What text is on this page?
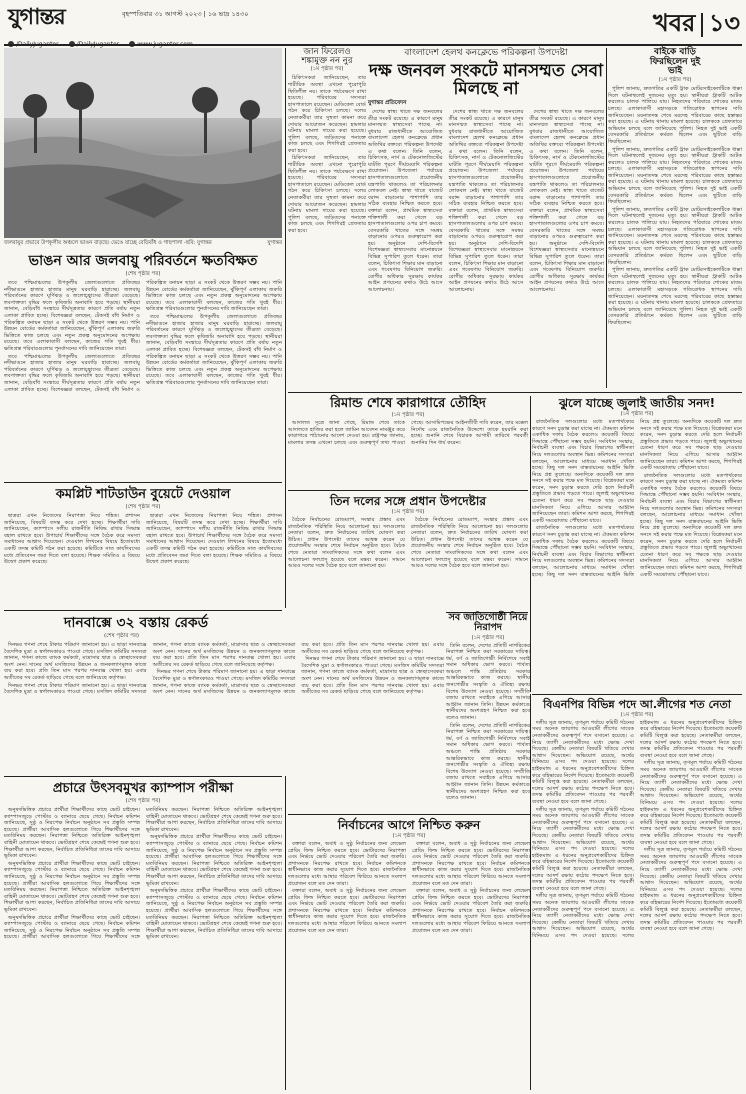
যুগান্তর	বৃহস্পতিবার ৩১ আগস্ট ২০২৩ | ১৬ ভাদ্র ১৪৩০

	খবর ১৩
জলবায়ুর প্রভাবে উপকূলীয় অঞ্চলে ভাঙন বাড়ছে। ভেঙে যাচ্ছে বেড়িবাঁধ ও গাছপালা -ছবি: যুগান্তর	যুগান্তর
ভাঙন আর জলবায়ু পরিবর্তনে ক্ষতবিক্ষত
(শেষ পৃষ্ঠার পর)

তবে পশ্চিমাঞ্চলের উপকূলীয় জেলাগুলোতে প্রতিবছর নদীভাঙনে হাজার হাজার মানুষ ঘরবাড়ি হারাচ্ছে। জলবায়ু পরিবর্তনের কারণে ঘূর্ণিঝড় ও জলোচ্ছ্বাসের তীব্রতা বেড়েছে। লবণাক্ততা বৃদ্ধির ফলে কৃষিজমি অনাবাদি হয়ে পড়ছে। স্থানীয়রা জানান, বেড়িবাঁধ সংস্কারে দীর্ঘসূত্রতার কারণে প্রতি বর্ষায় নতুন এলাকা প্লাবিত হচ্ছে। বিশেষজ্ঞরা বলছেন, টেকসই বাঁধ নির্মাণ ও পরিকল্পিত বনায়ন ছাড়া এ সংকট থেকে উত্তরণ সম্ভব নয়। পানি উন্নয়ন বোর্ডের কর্মকর্তারা জানিয়েছেন, ঝুঁকিপূর্ণ এলাকায় জরুরি ভিত্তিতে কাজ চলছে এবং নতুন প্রকল্প অনুমোদনের অপেক্ষায় রয়েছে। তবে এলাকাবাসী বলছেন, কাজের গতি খুবই ধীর। ক্ষতিগ্রস্ত পরিবারগুলোর পুনর্বাসনের দাবি জানিয়েছেন তারা।

তবে পশ্চিমাঞ্চলের উপকূলীয় জেলাগুলোতে প্রতিবছর নদীভাঙনে হাজার হাজার মানুষ ঘরবাড়ি হারাচ্ছে। জলবায়ু পরিবর্তনের কারণে ঘূর্ণিঝড় ও জলোচ্ছ্বাসের তীব্রতা বেড়েছে। লবণাক্ততা বৃদ্ধির ফলে কৃষিজমি অনাবাদি হয়ে পড়ছে। স্থানীয়রা জানান, বেড়িবাঁধ সংস্কারে দীর্ঘসূত্রতার কারণে প্রতি বর্ষায় নতুন এলাকা প্লাবিত হচ্ছে। বিশেষজ্ঞরা বলছেন, টেকসই বাঁধ নির্মাণ ও পরিকল্পিত বনায়ন ছাড়া এ সংকট থেকে উত্তরণ সম্ভব নয়। পানি উন্নয়ন বোর্ডের কর্মকর্তারা জানিয়েছেন, ঝুঁকিপূর্ণ এলাকায় জরুরি ভিত্তিতে কাজ চলছে এবং নতুন প্রকল্প অনুমোদনের অপেক্ষায় রয়েছে। তবে এলাকাবাসী বলছেন, কাজের গতি খুবই ধীর। ক্ষতিগ্রস্ত পরিবারগুলোর পুনর্বাসনের দাবি জানিয়েছেন তারা।

তবে পশ্চিমাঞ্চলের উপকূলীয় জেলাগুলোতে প্রতিবছর নদীভাঙনে হাজার হাজার মানুষ ঘরবাড়ি হারাচ্ছে। জলবায়ু পরিবর্তনের কারণে ঘূর্ণিঝড় ও জলোচ্ছ্বাসের তীব্রতা বেড়েছে। লবণাক্ততা বৃদ্ধির ফলে কৃষিজমি অনাবাদি হয়ে পড়ছে। স্থানীয়রা জানান, বেড়িবাঁধ সংস্কারে দীর্ঘসূত্রতার কারণে প্রতি বর্ষায় নতুন এলাকা প্লাবিত হচ্ছে। বিশেষজ্ঞরা বলছেন, টেকসই বাঁধ নির্মাণ ও পরিকল্পিত বনায়ন ছাড়া এ সংকট থেকে উত্তরণ সম্ভব নয়। পানি উন্নয়ন বোর্ডের কর্মকর্তারা জানিয়েছেন, ঝুঁকিপূর্ণ এলাকায় জরুরি ভিত্তিতে কাজ চলছে এবং নতুন প্রকল্প অনুমোদনের অপেক্ষায় রয়েছে। তবে এলাকাবাসী বলছেন, কাজের গতি খুবই ধীর। ক্ষতিগ্রস্ত পরিবারগুলোর পুনর্বাসনের দাবি জানিয়েছেন তারা।

কমপ্লিট শাটডাউন বুয়েটে দেওয়াল
(শেষ পৃষ্ঠার পর)

ছাত্ররা এখন নিজেদের নিরাপত্তা নিয়ে শঙ্কিত। প্রশাসন জানিয়েছে, বিষয়টি তদন্ত করে দেখা হচ্ছে। শিক্ষার্থীরা দাবি জানিয়েছেন, ক্যাম্পাসে দলীয় রাজনীতি নিষিদ্ধ রাখার সিদ্ধান্ত বহাল রাখতে হবে। উপাচার্য শিক্ষার্থীদের সঙ্গে বৈঠক করে সমস্যা সমাধানের আশ্বাস দিয়েছেন। দেওয়াল লিখনের বিষয়ে ইতোমধ্যে একটি তদন্ত কমিটি গঠন করা হয়েছে। কমিটিকে সাত কার্যদিবসের মধ্যে প্রতিবেদন জমা দিতে বলা হয়েছে। শিক্ষক সমিতিও এ বিষয়ে উদ্বেগ প্রকাশ করেছে।

ছাত্ররা এখন নিজেদের নিরাপত্তা নিয়ে শঙ্কিত। প্রশাসন জানিয়েছে, বিষয়টি তদন্ত করে দেখা হচ্ছে। শিক্ষার্থীরা দাবি জানিয়েছেন, ক্যাম্পাসে দলীয় রাজনীতি নিষিদ্ধ রাখার সিদ্ধান্ত বহাল রাখতে হবে। উপাচার্য শিক্ষার্থীদের সঙ্গে বৈঠক করে সমস্যা সমাধানের আশ্বাস দিয়েছেন। দেওয়াল লিখনের বিষয়ে ইতোমধ্যে একটি তদন্ত কমিটি গঠন করা হয়েছে। কমিটিকে সাত কার্যদিবসের মধ্যে প্রতিবেদন জমা দিতে বলা হয়েছে। শিক্ষক সমিতিও এ বিষয়ে উদ্বেগ প্রকাশ করেছে।

দানবাক্সে ৩২ বস্তায় রেকর্ড
(শেষ পৃষ্ঠার পর)

দিনভর গণনা শেষে টাকার পরিমাণ জানানো হয়। এ ছাড়া দানবাক্সে বৈদেশিক মুদ্রা ও স্বর্ণালংকারও পাওয়া গেছে। মসজিদ কমিটির সদস্যরা জানান, গণনা কাজে ব্যাংক কর্মকর্তা, মাদ্রাসার ছাত্র ও স্বেচ্ছাসেবকরা অংশ নেন। দানের অর্থ মসজিদের উন্নয়ন ও জনকল্যাণমূলক কাজে ব্যয় করা হবে। প্রতি তিন মাস পরপর দানবাক্স খোলা হয়। এবার অতীতের সব রেকর্ড ছাড়িয়ে গেছে বলে জানিয়েছে কর্তৃপক্ষ।

দিনভর গণনা শেষে টাকার পরিমাণ জানানো হয়। এ ছাড়া দানবাক্সে বৈদেশিক মুদ্রা ও স্বর্ণালংকারও পাওয়া গেছে। মসজিদ কমিটির সদস্যরা জানান, গণনা কাজে ব্যাংক কর্মকর্তা, মাদ্রাসার ছাত্র ও স্বেচ্ছাসেবকরা অংশ নেন। দানের অর্থ মসজিদের উন্নয়ন ও জনকল্যাণমূলক কাজে ব্যয় করা হবে। প্রতি তিন মাস পরপর দানবাক্স খোলা হয়। এবার অতীতের সব রেকর্ড ছাড়িয়ে গেছে বলে জানিয়েছে কর্তৃপক্ষ।

দিনভর গণনা শেষে টাকার পরিমাণ জানানো হয়। এ ছাড়া দানবাক্সে বৈদেশিক মুদ্রা ও স্বর্ণালংকারও পাওয়া গেছে। মসজিদ কমিটির সদস্যরা জানান, গণনা কাজে ব্যাংক কর্মকর্তা, মাদ্রাসার ছাত্র ও স্বেচ্ছাসেবকরা অংশ নেন। দানের অর্থ মসজিদের উন্নয়ন ও জনকল্যাণমূলক কাজে ব্যয় করা হবে। প্রতি তিন মাস পরপর দানবাক্স খোলা হয়। এবার অতীতের সব রেকর্ড ছাড়িয়ে গেছে বলে জানিয়েছে কর্তৃপক্ষ।

দিনভর গণনা শেষে টাকার পরিমাণ জানানো হয়। এ ছাড়া দানবাক্সে বৈদেশিক মুদ্রা ও স্বর্ণালংকারও পাওয়া গেছে। মসজিদ কমিটির সদস্যরা জানান, গণনা কাজে ব্যাংক কর্মকর্তা, মাদ্রাসার ছাত্র ও স্বেচ্ছাসেবকরা অংশ নেন। দানের অর্থ মসজিদের উন্নয়ন ও জনকল্যাণমূলক কাজে ব্যয় করা হবে। প্রতি তিন মাস পরপর দানবাক্স খোলা হয়। এবার অতীতের সব রেকর্ড ছাড়িয়ে গেছে বলে জানিয়েছে কর্তৃপক্ষ।

প্রচারে উৎসবমুখর ক্যাম্পাস পরীক্ষা
(শেষ পৃষ্ঠার পর)

অনুষদভিত্তিক প্রচারে প্রার্থীরা শিক্ষার্থীদের কাছে ভোট চাইছেন। ক্যাম্পাসজুড়ে পোস্টার ও ব্যানারে ছেয়ে গেছে। নির্বাচন কমিশন জানিয়েছে, সুষ্ঠু ও নিরপেক্ষ নির্বাচন অনুষ্ঠানে সব প্রস্তুতি সম্পন্ন হয়েছে। প্রার্থীরা আবাসিক হলগুলোতে গিয়ে শিক্ষার্থীদের সঙ্গে মতবিনিময় করছেন। নিরাপত্তা নিশ্চিতে অতিরিক্ত আইনশৃঙ্খলা বাহিনী মোতায়েন থাকবে। ভোটগ্রহণ শেষে কেন্দ্রেই গণনা শুরু হবে। শিক্ষার্থীরা আশা করছেন, নির্বাচিত প্রতিনিধিরা তাদের দাবি আদায়ে ভূমিকা রাখবেন।

অনুষদভিত্তিক প্রচারে প্রার্থীরা শিক্ষার্থীদের কাছে ভোট চাইছেন। ক্যাম্পাসজুড়ে পোস্টার ও ব্যানারে ছেয়ে গেছে। নির্বাচন কমিশন জানিয়েছে, সুষ্ঠু ও নিরপেক্ষ নির্বাচন অনুষ্ঠানে সব প্রস্তুতি সম্পন্ন হয়েছে। প্রার্থীরা আবাসিক হলগুলোতে গিয়ে শিক্ষার্থীদের সঙ্গে মতবিনিময় করছেন। নিরাপত্তা নিশ্চিতে অতিরিক্ত আইনশৃঙ্খলা বাহিনী মোতায়েন থাকবে। ভোটগ্রহণ শেষে কেন্দ্রেই গণনা শুরু হবে। শিক্ষার্থীরা আশা করছেন, নির্বাচিত প্রতিনিধিরা তাদের দাবি আদায়ে ভূমিকা রাখবেন।

অনুষদভিত্তিক প্রচারে প্রার্থীরা শিক্ষার্থীদের কাছে ভোট চাইছেন। ক্যাম্পাসজুড়ে পোস্টার ও ব্যানারে ছেয়ে গেছে। নির্বাচন কমিশন জানিয়েছে, সুষ্ঠু ও নিরপেক্ষ নির্বাচন অনুষ্ঠানে সব প্রস্তুতি সম্পন্ন হয়েছে। প্রার্থীরা আবাসিক হলগুলোতে গিয়ে শিক্ষার্থীদের সঙ্গে মতবিনিময় করছেন। নিরাপত্তা নিশ্চিতে অতিরিক্ত আইনশৃঙ্খলা বাহিনী মোতায়েন থাকবে। ভোটগ্রহণ শেষে কেন্দ্রেই গণনা শুরু হবে। শিক্ষার্থীরা আশা করছেন, নির্বাচিত প্রতিনিধিরা তাদের দাবি আদায়ে ভূমিকা রাখবেন।

অনুষদভিত্তিক প্রচারে প্রার্থীরা শিক্ষার্থীদের কাছে ভোট চাইছেন। ক্যাম্পাসজুড়ে পোস্টার ও ব্যানারে ছেয়ে গেছে। নির্বাচন কমিশন জানিয়েছে, সুষ্ঠু ও নিরপেক্ষ নির্বাচন অনুষ্ঠানে সব প্রস্তুতি সম্পন্ন হয়েছে। প্রার্থীরা আবাসিক হলগুলোতে গিয়ে শিক্ষার্থীদের সঙ্গে মতবিনিময় করছেন। নিরাপত্তা নিশ্চিতে অতিরিক্ত আইনশৃঙ্খলা বাহিনী মোতায়েন থাকবে। ভোটগ্রহণ শেষে কেন্দ্রেই গণনা শুরু হবে। শিক্ষার্থীরা আশা করছেন, নির্বাচিত প্রতিনিধিরা তাদের দাবি আদায়ে ভূমিকা রাখবেন।

অনুষদভিত্তিক প্রচারে প্রার্থীরা শিক্ষার্থীদের কাছে ভোট চাইছেন। ক্যাম্পাসজুড়ে পোস্টার ও ব্যানারে ছেয়ে গেছে। নির্বাচন কমিশন জানিয়েছে, সুষ্ঠু ও নিরপেক্ষ নির্বাচন অনুষ্ঠানে সব প্রস্তুতি সম্পন্ন হয়েছে। প্রার্থীরা আবাসিক হলগুলোতে গিয়ে শিক্ষার্থীদের সঙ্গে মতবিনিময় করছেন। নিরাপত্তা নিশ্চিতে অতিরিক্ত আইনশৃঙ্খলা বাহিনী মোতায়েন থাকবে। ভোটগ্রহণ শেষে কেন্দ্রেই গণনা শুরু হবে। শিক্ষার্থীরা আশা করছেন, নির্বাচিত প্রতিনিধিরা তাদের দাবি আদায়ে ভূমিকা রাখবেন।

জান ফিরেলও
শঙ্কামুক্ত নন নুর
(১ম পৃষ্ঠার পর)

চিকিৎসকরা জানিয়েছেন, তার শারীরিক অবস্থা এখনো পুরোপুরি স্থিতিশীল নয়। তাকে পর্যবেক্ষণে রাখা হয়েছে। পরিবারের সদস্যরা হাসপাতালে রয়েছেন। মেডিকেল বোর্ড গঠন করে চিকিৎসা চলছে। দলের নেতাকর্মীরা তার সুস্থতা কামনা করে দোয়ার আয়োজন করেছেন। হামলার ঘটনায় মামলা দায়ের করা হয়েছে। পুলিশ বলছে, জড়িতদের শনাক্তে কাজ চলছে এবং শিগগিরই গ্রেফতার করা হবে।

চিকিৎসকরা জানিয়েছেন, তার শারীরিক অবস্থা এখনো পুরোপুরি স্থিতিশীল নয়। তাকে পর্যবেক্ষণে রাখা হয়েছে। পরিবারের সদস্যরা হাসপাতালে রয়েছেন। মেডিকেল বোর্ড গঠন করে চিকিৎসা চলছে। দলের নেতাকর্মীরা তার সুস্থতা কামনা করে দোয়ার আয়োজন করেছেন। হামলার ঘটনায় মামলা দায়ের করা হয়েছে। পুলিশ বলছে, জড়িতদের শনাক্তে কাজ চলছে এবং শিগগিরই গ্রেফতার করা হবে।

বাংলাদেশ হেলথ কনক্লেভে পরিকল্পনা উপদেষ্টা
দক্ষ জনবল সংকটে মানসম্মত সেবা মিলছে না
যুগান্তর প্রতিবেদন

দেশের স্বাস্থ্য খাতে দক্ষ জনবলের তীব্র সংকট রয়েছে। এ কারণে মানুষ মানসম্মত স্বাস্থ্যসেবা পাচ্ছে না। বুধবার রাজধানীতে আয়োজিত বাংলাদেশ হেলথ কনক্লেভে প্রধান অতিথির বক্তব্যে পরিকল্পনা উপদেষ্টা এ কথা বলেন। তিনি বলেন, চিকিৎসক, নার্স ও টেকনোলজিস্টের ঘাটতি পূরণে দীর্ঘমেয়াদি পরিকল্পনা প্রয়োজন। উপজেলা পর্যায়ের হাসপাতালগুলোতে প্রয়োজনীয় যন্ত্রপাতি থাকলেও তা পরিচালনার লোকবল নেই। স্বাস্থ্য খাতে বাজেট বরাদ্দ বাড়ানোর পাশাপাশি তার সঠিক ব্যবহার নিশ্চিত করতে হবে। বক্তারা বলেন, প্রাথমিক স্বাস্থ্যসেবা শক্তিশালী করা গেলে বড় হাসপাতালগুলোর ওপর চাপ কমবে। বেসরকারি খাতের সঙ্গে সমন্বয় বাড়ানোর ওপরও গুরুত্বারোপ করা হয়। অনুষ্ঠানে দেশি-বিদেশি বিশেষজ্ঞরা স্বাস্থ্যসেবার মানোন্নয়নে বিভিন্ন সুপারিশ তুলে ধরেন। তারা বলেন, চিকিৎসা শিক্ষার মান বাড়ানো এবং গবেষণায় বিনিয়োগ জরুরি। রোগীর অধিকার সুরক্ষায় কার্যকর আইন প্রণয়নের কথাও উঠে আসে আলোচনায়।

দেশের স্বাস্থ্য খাতে দক্ষ জনবলের তীব্র সংকট রয়েছে। এ কারণে মানুষ মানসম্মত স্বাস্থ্যসেবা পাচ্ছে না। বুধবার রাজধানীতে আয়োজিত বাংলাদেশ হেলথ কনক্লেভে প্রধান অতিথির বক্তব্যে পরিকল্পনা উপদেষ্টা এ কথা বলেন। তিনি বলেন, চিকিৎসক, নার্স ও টেকনোলজিস্টের ঘাটতি পূরণে দীর্ঘমেয়াদি পরিকল্পনা প্রয়োজন। উপজেলা পর্যায়ের হাসপাতালগুলোতে প্রয়োজনীয় যন্ত্রপাতি থাকলেও তা পরিচালনার লোকবল নেই। স্বাস্থ্য খাতে বাজেট বরাদ্দ বাড়ানোর পাশাপাশি তার সঠিক ব্যবহার নিশ্চিত করতে হবে। বক্তারা বলেন, প্রাথমিক স্বাস্থ্যসেবা শক্তিশালী করা গেলে বড় হাসপাতালগুলোর ওপর চাপ কমবে। বেসরকারি খাতের সঙ্গে সমন্বয় বাড়ানোর ওপরও গুরুত্বারোপ করা হয়। অনুষ্ঠানে দেশি-বিদেশি বিশেষজ্ঞরা স্বাস্থ্যসেবার মানোন্নয়নে বিভিন্ন সুপারিশ তুলে ধরেন। তারা বলেন, চিকিৎসা শিক্ষার মান বাড়ানো এবং গবেষণায় বিনিয়োগ জরুরি। রোগীর অধিকার সুরক্ষায় কার্যকর আইন প্রণয়নের কথাও উঠে আসে আলোচনায়।

দেশের স্বাস্থ্য খাতে দক্ষ জনবলের তীব্র সংকট রয়েছে। এ কারণে মানুষ মানসম্মত স্বাস্থ্যসেবা পাচ্ছে না। বুধবার রাজধানীতে আয়োজিত বাংলাদেশ হেলথ কনক্লেভে প্রধান অতিথির বক্তব্যে পরিকল্পনা উপদেষ্টা এ কথা বলেন। তিনি বলেন, চিকিৎসক, নার্স ও টেকনোলজিস্টের ঘাটতি পূরণে দীর্ঘমেয়াদি পরিকল্পনা প্রয়োজন। উপজেলা পর্যায়ের হাসপাতালগুলোতে প্রয়োজনীয় যন্ত্রপাতি থাকলেও তা পরিচালনার লোকবল নেই। স্বাস্থ্য খাতে বাজেট বরাদ্দ বাড়ানোর পাশাপাশি তার সঠিক ব্যবহার নিশ্চিত করতে হবে। বক্তারা বলেন, প্রাথমিক স্বাস্থ্যসেবা শক্তিশালী করা গেলে বড় হাসপাতালগুলোর ওপর চাপ কমবে। বেসরকারি খাতের সঙ্গে সমন্বয় বাড়ানোর ওপরও গুরুত্বারোপ করা হয়। অনুষ্ঠানে দেশি-বিদেশি বিশেষজ্ঞরা স্বাস্থ্যসেবার মানোন্নয়নে বিভিন্ন সুপারিশ তুলে ধরেন। তারা বলেন, চিকিৎসা শিক্ষার মান বাড়ানো এবং গবেষণায় বিনিয়োগ জরুরি। রোগীর অধিকার সুরক্ষায় কার্যকর আইন প্রণয়নের কথাও উঠে আসে আলোচনায়।

বাইকে বাড়ি
ফিরছিলেন দুই
ভাই
(১ম পৃষ্ঠার পর)

পুলিশ জানায়, দ্রুতগতির একটি ট্রাক মোটরসাইকেলটিকে ধাক্কা দিলে ঘটনাস্থলেই দুজনের মৃত্যু হয়। স্থানীয়রা ট্রাকটি আটক করলেও চালক পালিয়ে যায়। নিহতদের পরিবারে শোকের মাতম চলছে। এলাকাবাসী মহাসড়কে গতিরোধক স্থাপনের দাবি জানিয়েছেন। ময়নাতদন্ত শেষে মরদেহ পরিবারের কাছে হস্তান্তর করা হয়েছে। এ ঘটনায় থানায় মামলা হয়েছে। চালককে গ্রেফতারে অভিযান চলছে বলে জানিয়েছে পুলিশ। নিহত দুই ভাই একটি বেসরকারি প্রতিষ্ঠানে কর্মরত ছিলেন এবং ছুটিতে বাড়ি ফিরছিলেন।

পুলিশ জানায়, দ্রুতগতির একটি ট্রাক মোটরসাইকেলটিকে ধাক্কা দিলে ঘটনাস্থলেই দুজনের মৃত্যু হয়। স্থানীয়রা ট্রাকটি আটক করলেও চালক পালিয়ে যায়। নিহতদের পরিবারে শোকের মাতম চলছে। এলাকাবাসী মহাসড়কে গতিরোধক স্থাপনের দাবি জানিয়েছেন। ময়নাতদন্ত শেষে মরদেহ পরিবারের কাছে হস্তান্তর করা হয়েছে। এ ঘটনায় থানায় মামলা হয়েছে। চালককে গ্রেফতারে অভিযান চলছে বলে জানিয়েছে পুলিশ। নিহত দুই ভাই একটি বেসরকারি প্রতিষ্ঠানে কর্মরত ছিলেন এবং ছুটিতে বাড়ি ফিরছিলেন।

পুলিশ জানায়, দ্রুতগতির একটি ট্রাক মোটরসাইকেলটিকে ধাক্কা দিলে ঘটনাস্থলেই দুজনের মৃত্যু হয়। স্থানীয়রা ট্রাকটি আটক করলেও চালক পালিয়ে যায়। নিহতদের পরিবারে শোকের মাতম চলছে। এলাকাবাসী মহাসড়কে গতিরোধক স্থাপনের দাবি জানিয়েছেন। ময়নাতদন্ত শেষে মরদেহ পরিবারের কাছে হস্তান্তর করা হয়েছে। এ ঘটনায় থানায় মামলা হয়েছে। চালককে গ্রেফতারে অভিযান চলছে বলে জানিয়েছে পুলিশ। নিহত দুই ভাই একটি বেসরকারি প্রতিষ্ঠানে কর্মরত ছিলেন এবং ছুটিতে বাড়ি ফিরছিলেন।

পুলিশ জানায়, দ্রুতগতির একটি ট্রাক মোটরসাইকেলটিকে ধাক্কা দিলে ঘটনাস্থলেই দুজনের মৃত্যু হয়। স্থানীয়রা ট্রাকটি আটক করলেও চালক পালিয়ে যায়। নিহতদের পরিবারে শোকের মাতম চলছে। এলাকাবাসী মহাসড়কে গতিরোধক স্থাপনের দাবি জানিয়েছেন। ময়নাতদন্ত শেষে মরদেহ পরিবারের কাছে হস্তান্তর করা হয়েছে। এ ঘটনায় থানায় মামলা হয়েছে। চালককে গ্রেফতারে অভিযান চলছে বলে জানিয়েছে পুলিশ। নিহত দুই ভাই একটি বেসরকারি প্রতিষ্ঠানে কর্মরত ছিলেন এবং ছুটিতে বাড়ি ফিরছিলেন।

রিমান্ড শেষে কারাগারে তৌহিদ
(১ম পৃষ্ঠার পর)

আদালত সূত্রে জানা গেছে, রিমান্ড শেষে তাকে আদালতে হাজির করা হলে জামিন আবেদন নামঞ্জুর করে কারাগারে পাঠানোর আদেশ দেওয়া হয়। রাষ্ট্রপক্ষ জানায়, মামলার তদন্ত এখনো চলছে এবং গুরুত্বপূর্ণ তথ্য পাওয়া গেছে। আসামিপক্ষের আইনজীবী দাবি করেন, তার মক্কেল নির্দোষ এবং রাজনৈতিক উদ্দেশ্যে তাকে হয়রানি করা হচ্ছে। শুনানি শেষে বিচারক আগামী তারিখে পরবর্তী শুনানির দিন ধার্য করেন।

ঝুলে যাচ্ছে জুলাই জাতীয় সনদ!
(১ম পৃষ্ঠার পর)

রাজনৈতিক দলগুলোর মধ্যে মতপার্থক্যের কারণে সনদ চূড়ান্ত করা যাচ্ছে না। ঐকমত্য কমিশন একাধিক দফায় বৈঠক করলেও কয়েকটি বিষয়ে সিদ্ধান্তে পৌঁছানো সম্ভব হয়নি। সংবিধান সংস্কার, নির্বাচনী ব্যবস্থা এবং বিচার বিভাগের স্বাধীনতা নিয়ে দলগুলোর অবস্থান ভিন্ন। কমিশনের সদস্যরা বলছেন, আলোচনার মাধ্যমে সমাধান খোঁজা হচ্ছে। কিছু দল সনদ বাস্তবায়নের আইনি ভিত্তি নিয়ে প্রশ্ন তুলেছে। অন্যদিকে কয়েকটি দল দ্রুত সনদে সই করার পক্ষে মত দিয়েছে। বিশ্লেষকরা মনে করেন, সনদ চূড়ান্ত করতে দেরি হলে নির্বাচনী প্রস্তুতিতে প্রভাব পড়তে পারে। জুলাই অভ্যুত্থানের চেতনা ধারণ করে সব পক্ষকে ছাড় দেওয়ার মানসিকতা নিয়ে এগিয়ে আসার আহ্বান জানিয়েছেন তারা। কমিশন আশা করছে, শিগগিরই একটি সমঝোতায় পৌঁছানো যাবে।

রাজনৈতিক দলগুলোর মধ্যে মতপার্থক্যের কারণে সনদ চূড়ান্ত করা যাচ্ছে না। ঐকমত্য কমিশন একাধিক দফায় বৈঠক করলেও কয়েকটি বিষয়ে সিদ্ধান্তে পৌঁছানো সম্ভব হয়নি। সংবিধান সংস্কার, নির্বাচনী ব্যবস্থা এবং বিচার বিভাগের স্বাধীনতা নিয়ে দলগুলোর অবস্থান ভিন্ন। কমিশনের সদস্যরা বলছেন, আলোচনার মাধ্যমে সমাধান খোঁজা হচ্ছে। কিছু দল সনদ বাস্তবায়নের আইনি ভিত্তি নিয়ে প্রশ্ন তুলেছে। অন্যদিকে কয়েকটি দল দ্রুত সনদে সই করার পক্ষে মত দিয়েছে। বিশ্লেষকরা মনে করেন, সনদ চূড়ান্ত করতে দেরি হলে নির্বাচনী প্রস্তুতিতে প্রভাব পড়তে পারে। জুলাই অভ্যুত্থানের চেতনা ধারণ করে সব পক্ষকে ছাড় দেওয়ার মানসিকতা নিয়ে এগিয়ে আসার আহ্বান জানিয়েছেন তারা। কমিশন আশা করছে, শিগগিরই একটি সমঝোতায় পৌঁছানো যাবে।

রাজনৈতিক দলগুলোর মধ্যে মতপার্থক্যের কারণে সনদ চূড়ান্ত করা যাচ্ছে না। ঐকমত্য কমিশন একাধিক দফায় বৈঠক করলেও কয়েকটি বিষয়ে সিদ্ধান্তে পৌঁছানো সম্ভব হয়নি। সংবিধান সংস্কার, নির্বাচনী ব্যবস্থা এবং বিচার বিভাগের স্বাধীনতা নিয়ে দলগুলোর অবস্থান ভিন্ন। কমিশনের সদস্যরা বলছেন, আলোচনার মাধ্যমে সমাধান খোঁজা হচ্ছে। কিছু দল সনদ বাস্তবায়নের আইনি ভিত্তি নিয়ে প্রশ্ন তুলেছে। অন্যদিকে কয়েকটি দল দ্রুত সনদে সই করার পক্ষে মত দিয়েছে। বিশ্লেষকরা মনে করেন, সনদ চূড়ান্ত করতে দেরি হলে নির্বাচনী প্রস্তুতিতে প্রভাব পড়তে পারে। জুলাই অভ্যুত্থানের চেতনা ধারণ করে সব পক্ষকে ছাড় দেওয়ার মানসিকতা নিয়ে এগিয়ে আসার আহ্বান জানিয়েছেন তারা। কমিশন আশা করছে, শিগগিরই একটি সমঝোতায় পৌঁছানো যাবে।

তিন দলের সঙ্গে প্রধান উপদেষ্টার
(১ম পৃষ্ঠার পর)

বৈঠকে নির্বাচনের রোডম্যাপ, সংস্কার প্রস্তাব এবং রাজনৈতিক পরিস্থিতি নিয়ে আলোচনা হয়। দলগুলোর নেতারা বলেন, দ্রুত নির্বাচনের তারিখ ঘোষণা করা উচিত। প্রধান উপদেষ্টা তাদের আশ্বস্ত করেন যে প্রয়োজনীয় সংস্কার শেষে নির্বাচন অনুষ্ঠিত হবে। বৈঠক শেষে নেতারা সাংবাদিকদের সঙ্গে কথা বলেন এবং আলোচনা ফলপ্রসূ হয়েছে বলে মন্তব্য করেন। সামনে আরও দলের সঙ্গে বৈঠক হবে বলে জানানো হয়।

বৈঠকে নির্বাচনের রোডম্যাপ, সংস্কার প্রস্তাব এবং রাজনৈতিক পরিস্থিতি নিয়ে আলোচনা হয়। দলগুলোর নেতারা বলেন, দ্রুত নির্বাচনের তারিখ ঘোষণা করা উচিত। প্রধান উপদেষ্টা তাদের আশ্বস্ত করেন যে প্রয়োজনীয় সংস্কার শেষে নির্বাচন অনুষ্ঠিত হবে। বৈঠক শেষে নেতারা সাংবাদিকদের সঙ্গে কথা বলেন এবং আলোচনা ফলপ্রসূ হয়েছে বলে মন্তব্য করেন। সামনে আরও দলের সঙ্গে বৈঠক হবে বলে জানানো হয়।

সব জাতিগোষ্ঠী নিয়ে নিরাপদ
(১ম পৃষ্ঠার পর)

তিনি বলেন, দেশের প্রতিটি নাগরিকের নিরাপত্তা নিশ্চিত করা সরকারের দায়িত্ব। ধর্ম, বর্ণ ও জাতিগোষ্ঠী নির্বিশেষে সবাই সমান অধিকার ভোগ করবে। পার্বত্য অঞ্চলে শান্তি প্রতিষ্ঠায় সরকার আন্তরিকভাবে কাজ করছে। স্থানীয় জনগোষ্ঠীর সংস্কৃতি ও ঐতিহ্য রক্ষায় বিশেষ উদ্যোগ নেওয়া হয়েছে। সম্প্রীতি বজায় রাখতে সবাইকে এগিয়ে আসার আহ্বান জানান তিনি। উন্নয়ন কর্মকাণ্ডে স্থানীয়দের অংশগ্রহণ নিশ্চিত করা হবে বলেও জানান।

তিনি বলেন, দেশের প্রতিটি নাগরিকের নিরাপত্তা নিশ্চিত করা সরকারের দায়িত্ব। ধর্ম, বর্ণ ও জাতিগোষ্ঠী নির্বিশেষে সবাই সমান অধিকার ভোগ করবে। পার্বত্য অঞ্চলে শান্তি প্রতিষ্ঠায় সরকার আন্তরিকভাবে কাজ করছে। স্থানীয় জনগোষ্ঠীর সংস্কৃতি ও ঐতিহ্য রক্ষায় বিশেষ উদ্যোগ নেওয়া হয়েছে। সম্প্রীতি বজায় রাখতে সবাইকে এগিয়ে আসার আহ্বান জানান তিনি। উন্নয়ন কর্মকাণ্ডে স্থানীয়দের অংশগ্রহণ নিশ্চিত করা হবে বলেও জানান।

নির্বাচনের আগে নিশ্চিত করুন
(১ম পৃষ্ঠার পর)

বক্তারা বলেন, অবাধ ও সুষ্ঠু নির্বাচনের জন্য লেভেল প্লেয়িং ফিল্ড নিশ্চিত করতে হবে। ভোটারদের নিরাপত্তা এবং নির্ভয়ে ভোট দেওয়ার পরিবেশ তৈরি করা জরুরি। প্রশাসনকে নিরপেক্ষ রাখতে হবে। নির্বাচন কমিশনকে স্বাধীনভাবে কাজ করার সুযোগ দিতে হবে। রাজনৈতিক দলগুলোর মধ্যে আস্থার পরিবেশ ফিরিয়ে আনতে সংলাপ প্রয়োজন বলে মত দেন তারা।

বক্তারা বলেন, অবাধ ও সুষ্ঠু নির্বাচনের জন্য লেভেল প্লেয়িং ফিল্ড নিশ্চিত করতে হবে। ভোটারদের নিরাপত্তা এবং নির্ভয়ে ভোট দেওয়ার পরিবেশ তৈরি করা জরুরি। প্রশাসনকে নিরপেক্ষ রাখতে হবে। নির্বাচন কমিশনকে স্বাধীনভাবে কাজ করার সুযোগ দিতে হবে। রাজনৈতিক দলগুলোর মধ্যে আস্থার পরিবেশ ফিরিয়ে আনতে সংলাপ প্রয়োজন বলে মত দেন তারা।

বক্তারা বলেন, অবাধ ও সুষ্ঠু নির্বাচনের জন্য লেভেল প্লেয়িং ফিল্ড নিশ্চিত করতে হবে। ভোটারদের নিরাপত্তা এবং নির্ভয়ে ভোট দেওয়ার পরিবেশ তৈরি করা জরুরি। প্রশাসনকে নিরপেক্ষ রাখতে হবে। নির্বাচন কমিশনকে স্বাধীনভাবে কাজ করার সুযোগ দিতে হবে। রাজনৈতিক দলগুলোর মধ্যে আস্থার পরিবেশ ফিরিয়ে আনতে সংলাপ প্রয়োজন বলে মত দেন তারা।

বক্তারা বলেন, অবাধ ও সুষ্ঠু নির্বাচনের জন্য লেভেল প্লেয়িং ফিল্ড নিশ্চিত করতে হবে। ভোটারদের নিরাপত্তা এবং নির্ভয়ে ভোট দেওয়ার পরিবেশ তৈরি করা জরুরি। প্রশাসনকে নিরপেক্ষ রাখতে হবে। নির্বাচন কমিশনকে স্বাধীনভাবে কাজ করার সুযোগ দিতে হবে। রাজনৈতিক দলগুলোর মধ্যে আস্থার পরিবেশ ফিরিয়ে আনতে সংলাপ প্রয়োজন বলে মত দেন তারা।

বিএনপির বিভিন্ন পদে আ.লীগের শত নেতা
(১ম পৃষ্ঠার পর)

দলীয় সূত্র জানায়, তৃণমূল পর্যায়ে কমিটি গঠনের সময় অনেক জায়গায় আওয়ামী লীগের সাবেক নেতাকর্মীদের গুরুত্বপূর্ণ পদে বসানো হয়েছে। এ নিয়ে ত্যাগী নেতাকর্মীদের মধ্যে ক্ষোভ দেখা দিয়েছে। কেন্দ্রীয় নেতারা বিষয়টি খতিয়ে দেখার আশ্বাস দিয়েছেন। অভিযোগ রয়েছে, অর্থের বিনিময়ে এসব পদ দেওয়া হয়েছে। দলের হাইকমান্ড এ ধরনের অনুপ্রবেশকারীদের চিহ্নিত করে বহিষ্কারের নির্দেশ দিয়েছে। ইতোমধ্যে কয়েকটি কমিটি বিলুপ্ত করা হয়েছে। নেতাকর্মীরা বলছেন, দলের আদর্শ রক্ষায় কঠোর পদক্ষেপ নিতে হবে। তদন্ত কমিটির প্রতিবেদন পাওয়ার পর পরবর্তী ব্যবস্থা নেওয়া হবে বলে জানা গেছে।

দলীয় সূত্র জানায়, তৃণমূল পর্যায়ে কমিটি গঠনের সময় অনেক জায়গায় আওয়ামী লীগের সাবেক নেতাকর্মীদের গুরুত্বপূর্ণ পদে বসানো হয়েছে। এ নিয়ে ত্যাগী নেতাকর্মীদের মধ্যে ক্ষোভ দেখা দিয়েছে। কেন্দ্রীয় নেতারা বিষয়টি খতিয়ে দেখার আশ্বাস দিয়েছেন। অভিযোগ রয়েছে, অর্থের বিনিময়ে এসব পদ দেওয়া হয়েছে। দলের হাইকমান্ড এ ধরনের অনুপ্রবেশকারীদের চিহ্নিত করে বহিষ্কারের নির্দেশ দিয়েছে। ইতোমধ্যে কয়েকটি কমিটি বিলুপ্ত করা হয়েছে। নেতাকর্মীরা বলছেন, দলের আদর্শ রক্ষায় কঠোর পদক্ষেপ নিতে হবে। তদন্ত কমিটির প্রতিবেদন পাওয়ার পর পরবর্তী ব্যবস্থা নেওয়া হবে বলে জানা গেছে।

দলীয় সূত্র জানায়, তৃণমূল পর্যায়ে কমিটি গঠনের সময় অনেক জায়গায় আওয়ামী লীগের সাবেক নেতাকর্মীদের গুরুত্বপূর্ণ পদে বসানো হয়েছে। এ নিয়ে ত্যাগী নেতাকর্মীদের মধ্যে ক্ষোভ দেখা দিয়েছে। কেন্দ্রীয় নেতারা বিষয়টি খতিয়ে দেখার আশ্বাস দিয়েছেন। অভিযোগ রয়েছে, অর্থের বিনিময়ে এসব পদ দেওয়া হয়েছে। দলের হাইকমান্ড এ ধরনের অনুপ্রবেশকারীদের চিহ্নিত করে বহিষ্কারের নির্দেশ দিয়েছে। ইতোমধ্যে কয়েকটি কমিটি বিলুপ্ত করা হয়েছে। নেতাকর্মীরা বলছেন, দলের আদর্শ রক্ষায় কঠোর পদক্ষেপ নিতে হবে। তদন্ত কমিটির প্রতিবেদন পাওয়ার পর পরবর্তী ব্যবস্থা নেওয়া হবে বলে জানা গেছে।

দলীয় সূত্র জানায়, তৃণমূল পর্যায়ে কমিটি গঠনের সময় অনেক জায়গায় আওয়ামী লীগের সাবেক নেতাকর্মীদের গুরুত্বপূর্ণ পদে বসানো হয়েছে। এ নিয়ে ত্যাগী নেতাকর্মীদের মধ্যে ক্ষোভ দেখা দিয়েছে। কেন্দ্রীয় নেতারা বিষয়টি খতিয়ে দেখার আশ্বাস দিয়েছেন। অভিযোগ রয়েছে, অর্থের বিনিময়ে এসব পদ দেওয়া হয়েছে। দলের হাইকমান্ড এ ধরনের অনুপ্রবেশকারীদের চিহ্নিত করে বহিষ্কারের নির্দেশ দিয়েছে। ইতোমধ্যে কয়েকটি কমিটি বিলুপ্ত করা হয়েছে। নেতাকর্মীরা বলছেন, দলের আদর্শ রক্ষায় কঠোর পদক্ষেপ নিতে হবে। তদন্ত কমিটির প্রতিবেদন পাওয়ার পর পরবর্তী ব্যবস্থা নেওয়া হবে বলে জানা গেছে।

দলীয় সূত্র জানায়, তৃণমূল পর্যায়ে কমিটি গঠনের সময় অনেক জায়গায় আওয়ামী লীগের সাবেক নেতাকর্মীদের গুরুত্বপূর্ণ পদে বসানো হয়েছে। এ নিয়ে ত্যাগী নেতাকর্মীদের মধ্যে ক্ষোভ দেখা দিয়েছে। কেন্দ্রীয় নেতারা বিষয়টি খতিয়ে দেখার আশ্বাস দিয়েছেন। অভিযোগ রয়েছে, অর্থের বিনিময়ে এসব পদ দেওয়া হয়েছে। দলের হাইকমান্ড এ ধরনের অনুপ্রবেশকারীদের চিহ্নিত করে বহিষ্কারের নির্দেশ দিয়েছে। ইতোমধ্যে কয়েকটি কমিটি বিলুপ্ত করা হয়েছে। নেতাকর্মীরা বলছেন, দলের আদর্শ রক্ষায় কঠোর পদক্ষেপ নিতে হবে। তদন্ত কমিটির প্রতিবেদন পাওয়ার পর পরবর্তী ব্যবস্থা নেওয়া হবে বলে জানা গেছে।
